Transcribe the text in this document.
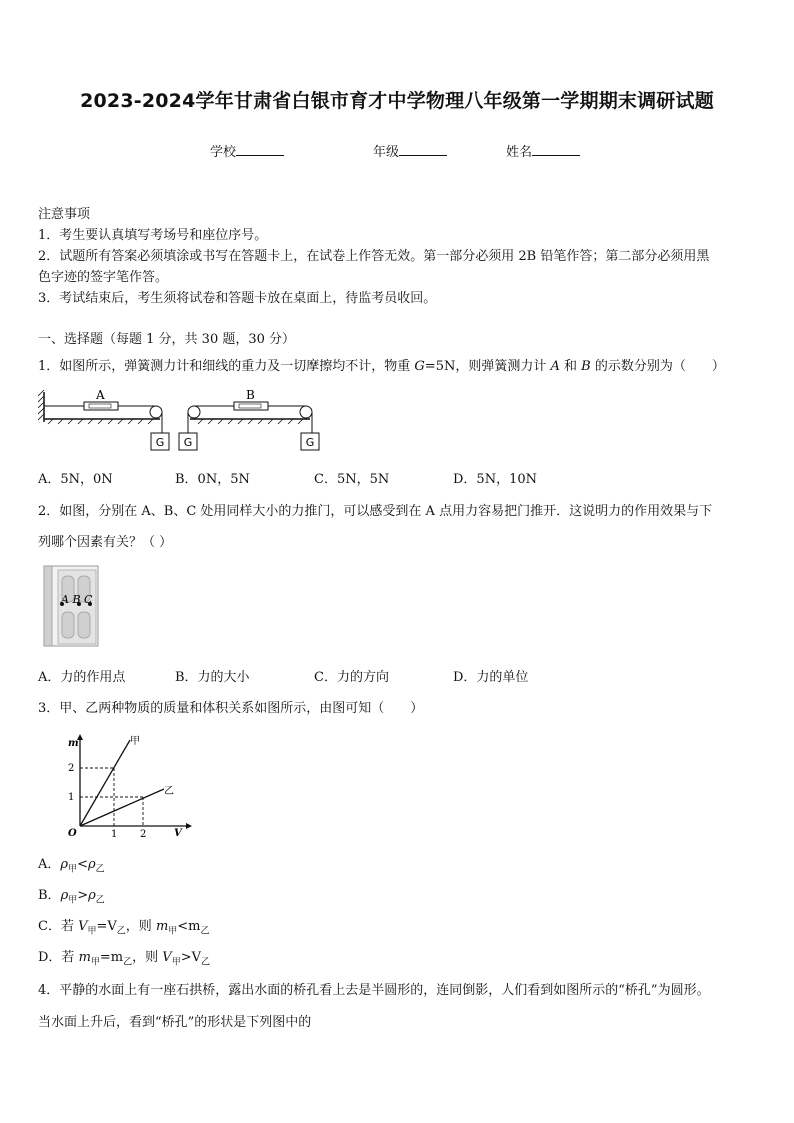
2023-2024学年甘肃省白银市育才中学物理八年级第一学期期末调研试题
学校	年级	姓名
注意事项
1．考生要认真填写考场号和座位序号。
2．试题所有答案必须填涂或书写在答题卡上，在试卷上作答无效。第一部分必须用 2B 铅笔作答；第二部分必须用黑
色字迹的签字笔作答。
3．考试结束后，考生须将试卷和答题卡放在桌面上，待监考员收回。
一、选择题（每题 1 分，共 30 题，30 分）
1．如图所示，弹簧测力计和细线的重力及一切摩擦均不计，物重 G=5N，则弹簧测力计 A 和 B 的示数分别为（　　）
A
G
B
G	G
A．5N，0N	B．0N，5N	C．5N，5N	D．5N，10N
2．如图，分别在 A、B、C 处用同样大小的力推门，可以感受到在 A 点用力容易把门推开．这说明力的作用效果与下
列哪个因素有关？（ ）
A B C
A．力的作用点	B．力的大小	C．力的方向	D．力的单位
3．甲、乙两种物质的质量和体积关系如图所示，由图可知（　　）
m
V
O
1
2
1 2
甲
乙
A．$\rho_甲<\rho_乙$
B．$\rho_甲>\rho_乙$
C．若 $V_甲=V_乙$，则 $m_甲<m_乙$
D．若 $m_甲=m_乙$，则 $V_甲>V_乙$
4．平静的水面上有一座石拱桥，露出水面的桥孔看上去是半圆形的，连同倒影，人们看到如图所示的“桥孔”为圆形。
当水面上升后，看到“桥孔”的形状是下列图中的
